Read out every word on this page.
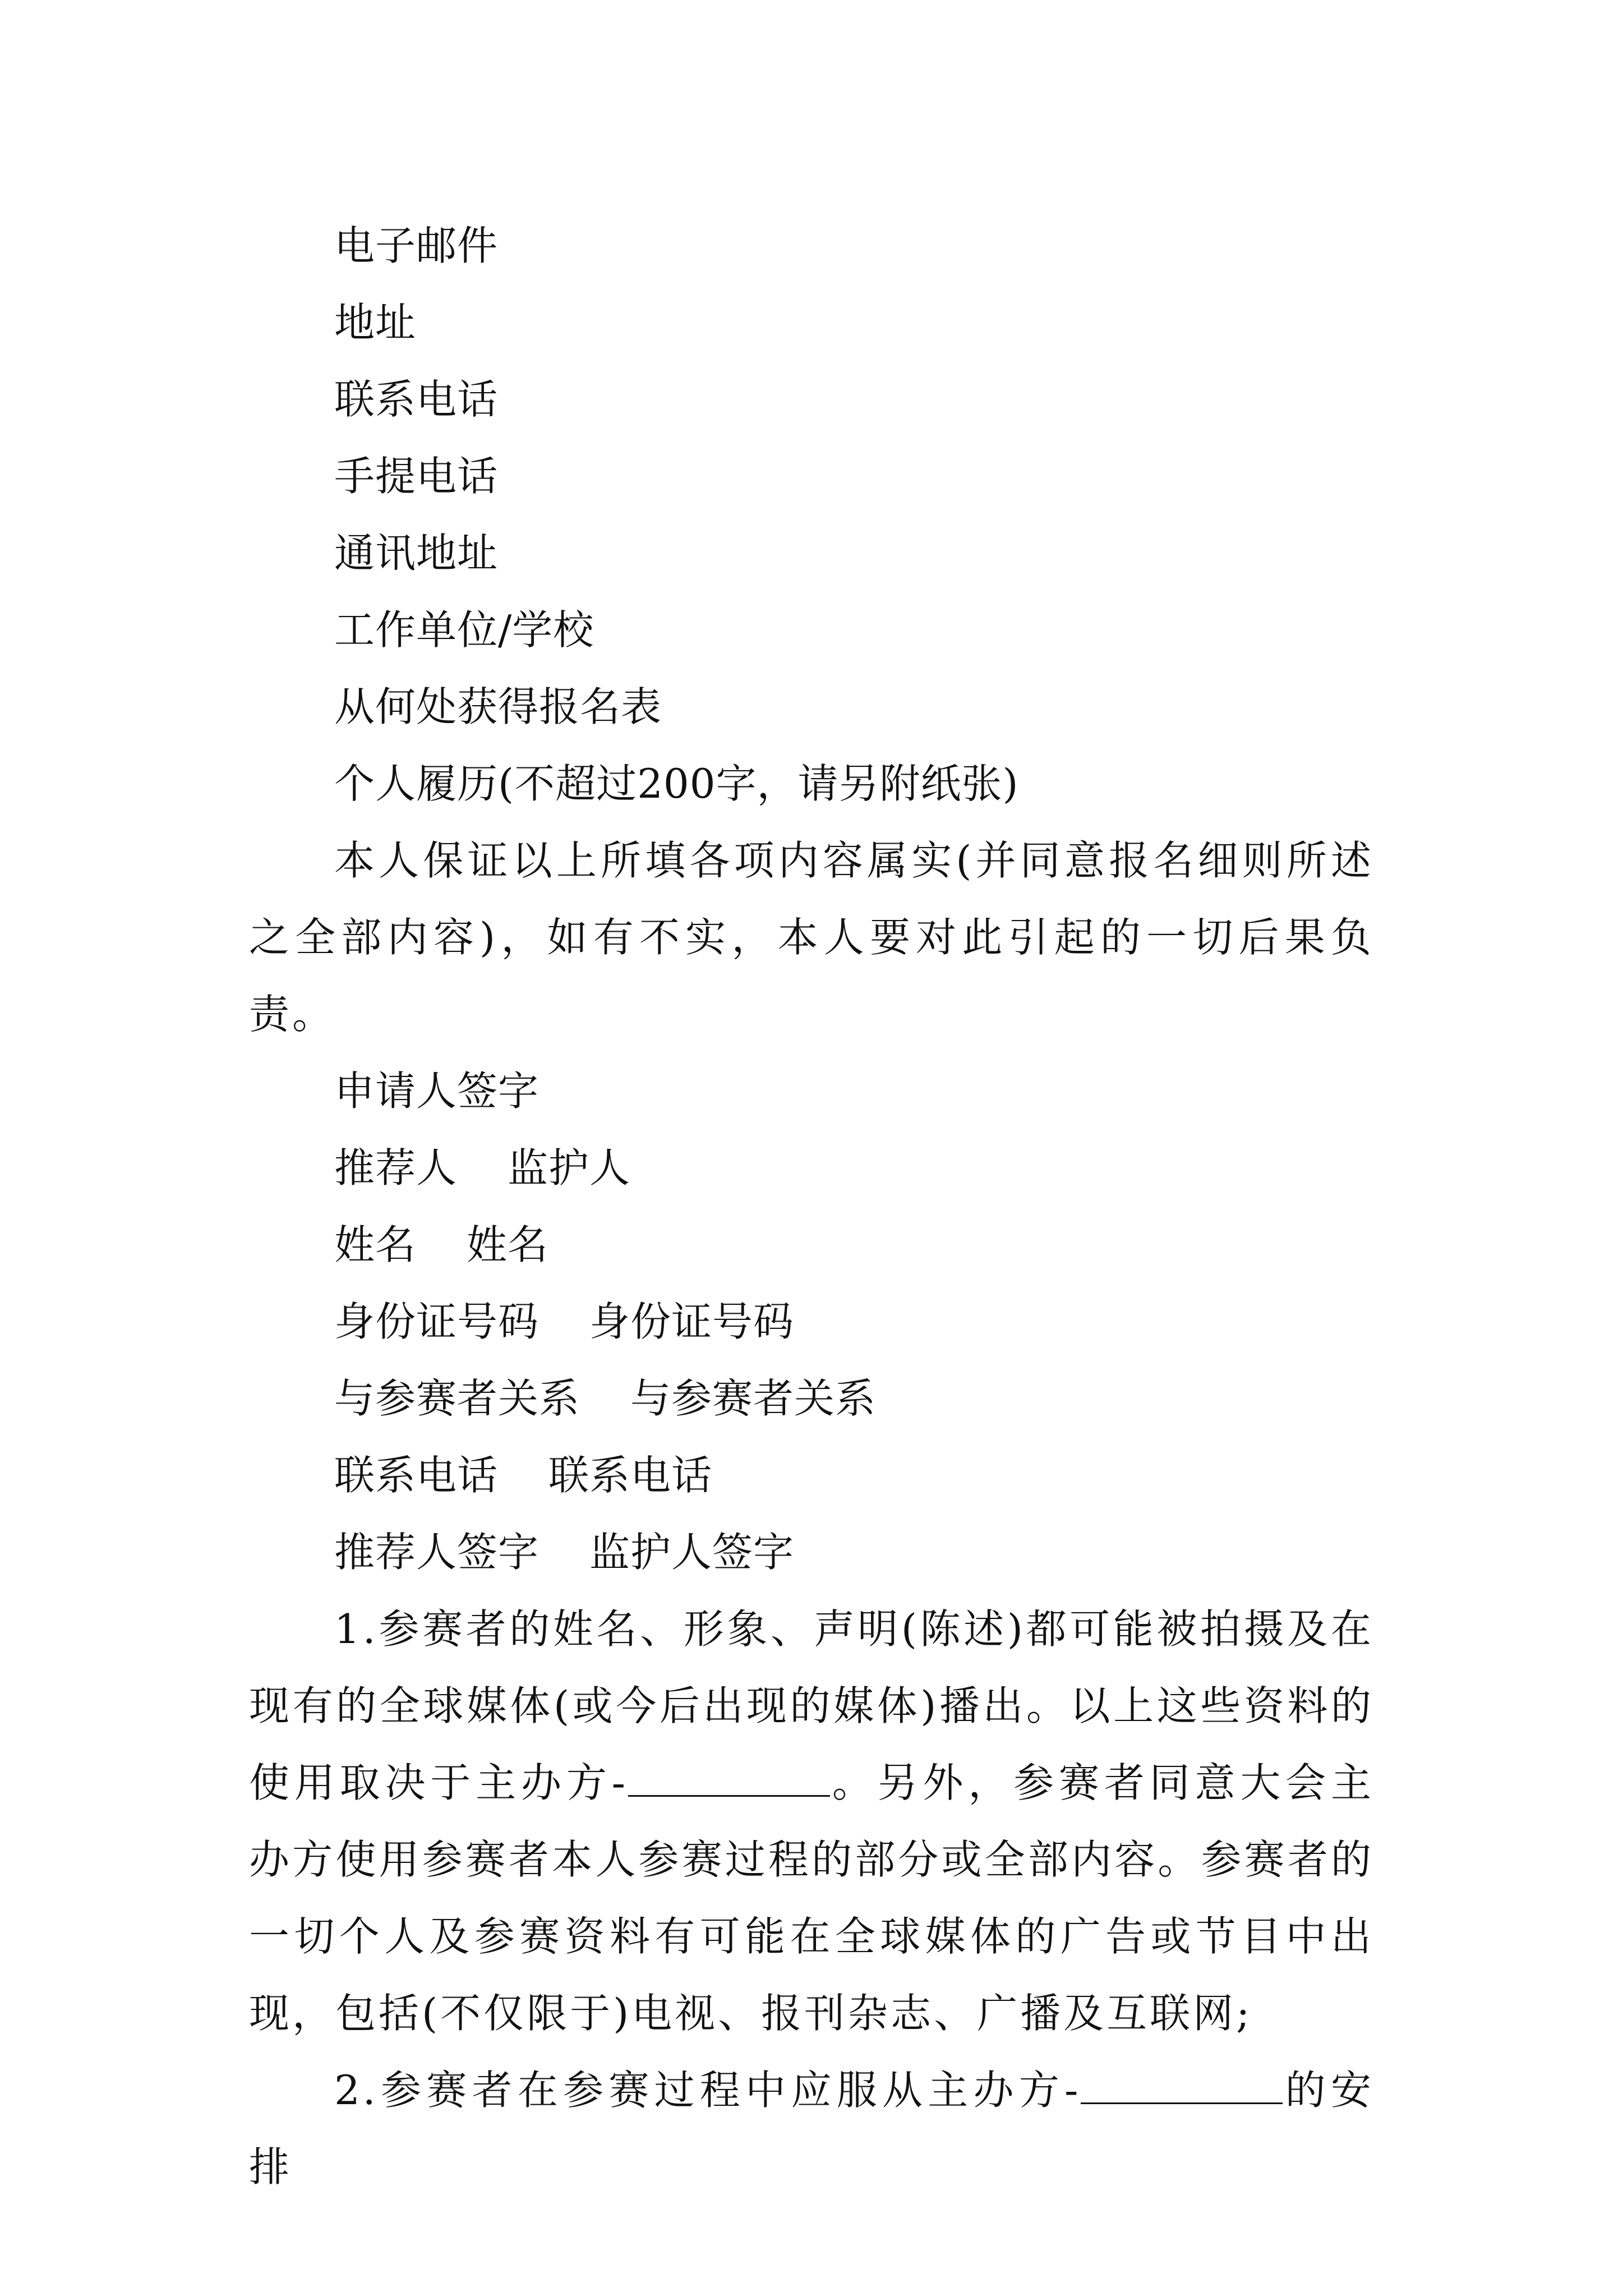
电子邮件
地址
联系电话
手提电话
通讯地址
工作单位/学校
从何处获得报名表
个人履历(不超过200字，请另附纸张)
本人保证以上所填各项内容属实(并同意报名细则所述之全部内容)，如有不实，本人要对此引起的一切后果负责。
申请人签字
推荐人 监护人
姓名 姓名
身份证号码 身份证号码
与参赛者关系 与参赛者关系
联系电话 联系电话
推荐人签字 监护人签字
1.参赛者的姓名、形象、声明(陈述)都可能被拍摄及在现有的全球媒体(或今后出现的媒体)播出。以上这些资料的使用取决于主办方-	。另外，参赛者同意大会主办方使用参赛者本人参赛过程的部分或全部内容。参赛者的一切个人及参赛资料有可能在全球媒体的广告或节目中出现，包括(不仅限于)电视、报刊杂志、广播及互联网;
2.参赛者在参赛过程中应服从主办方-	的安排
